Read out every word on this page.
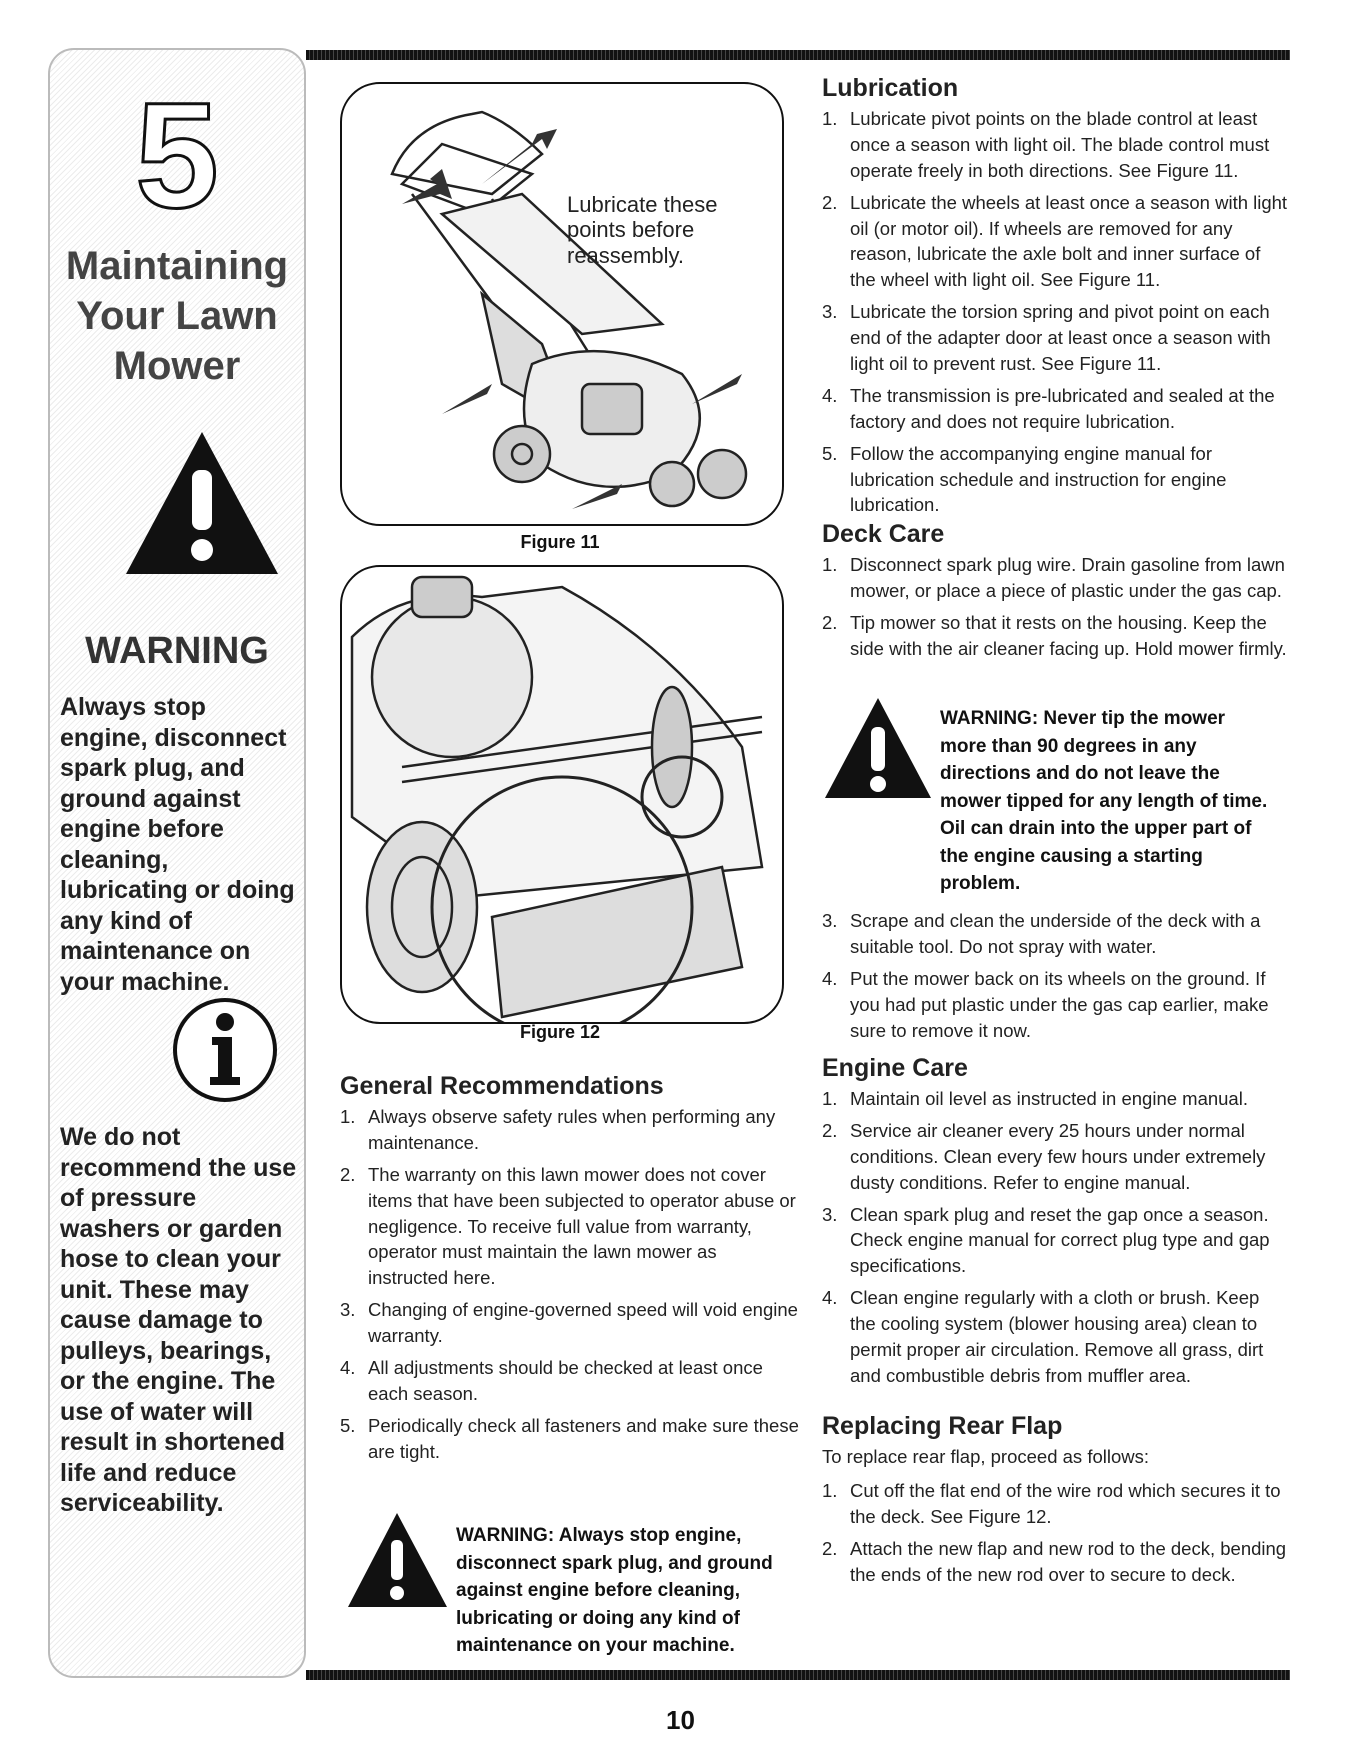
5
Maintaining
Your Lawn
Mower
WARNING
Always stop engine, disconnect spark plug, and ground against engine before cleaning, lubricating or doing any kind of maintenance on your machine.
We do not recommend the use of pressure washers or garden hose to clean your unit. These may cause damage to pulleys, bearings, or the engine. The use of water will result in shortened life and reduce serviceability.
Lubricate these
points before
reassembly.
Figure 11
Figure 12
General Recommendations
1. Always observe safety rules when performing any maintenance.
2. The warranty on this lawn mower does not cover items that have been subjected to operator abuse or negligence. To receive full value from warranty, operator must maintain the lawn mower as instructed here.
3. Changing of engine-governed speed will void engine warranty.
4. All adjustments should be checked at least once each season.
5. Periodically check all fasteners and make sure these are tight.
WARNING: Always stop engine, disconnect spark plug, and ground against engine before cleaning, lubricating or doing any kind of maintenance on your machine.
Lubrication
1. Lubricate pivot points on the blade control at least once a season with light oil. The blade control must operate freely in both directions. See Figure 11.
2. Lubricate the wheels at least once a season with light oil (or motor oil). If wheels are removed for any reason, lubricate the axle bolt and inner surface of the wheel with light oil. See Figure 11.
3. Lubricate the torsion spring and pivot point on each end of the adapter door at least once a season with light oil to prevent rust. See Figure 11.
4. The transmission is pre-lubricated and sealed at the factory and does not require lubrication.
5. Follow the accompanying engine manual for lubrication schedule and instruction for engine lubrication.
Deck Care
1. Disconnect spark plug wire. Drain gasoline from lawn mower, or place a piece of plastic under the gas cap.
2. Tip mower so that it rests on the housing. Keep the side with the air cleaner facing up. Hold mower firmly.
WARNING: Never tip the mower more than 90 degrees in any directions and do not leave the mower tipped for any length of time. Oil can drain into the upper part of the engine causing a starting problem.
3. Scrape and clean the underside of the deck with a suitable tool. Do not spray with water.
4. Put the mower back on its wheels on the ground. If you had put plastic under the gas cap earlier, make sure to remove it now.
Engine Care
1. Maintain oil level as instructed in engine manual.
2. Service air cleaner every 25 hours under normal conditions. Clean every few hours under extremely dusty conditions. Refer to engine manual.
3. Clean spark plug and reset the gap once a season. Check engine manual for correct plug type and gap specifications.
4. Clean engine regularly with a cloth or brush. Keep the cooling system (blower housing area) clean to permit proper air circulation. Remove all grass, dirt and combustible debris from muffler area.
Replacing Rear Flap

To replace rear flap, proceed as follows:

1. Cut off the flat end of the wire rod which secures it to the deck. See Figure 12.
2. Attach the new flap and new rod to the deck, bending the ends of the new rod over to secure to deck.
10
